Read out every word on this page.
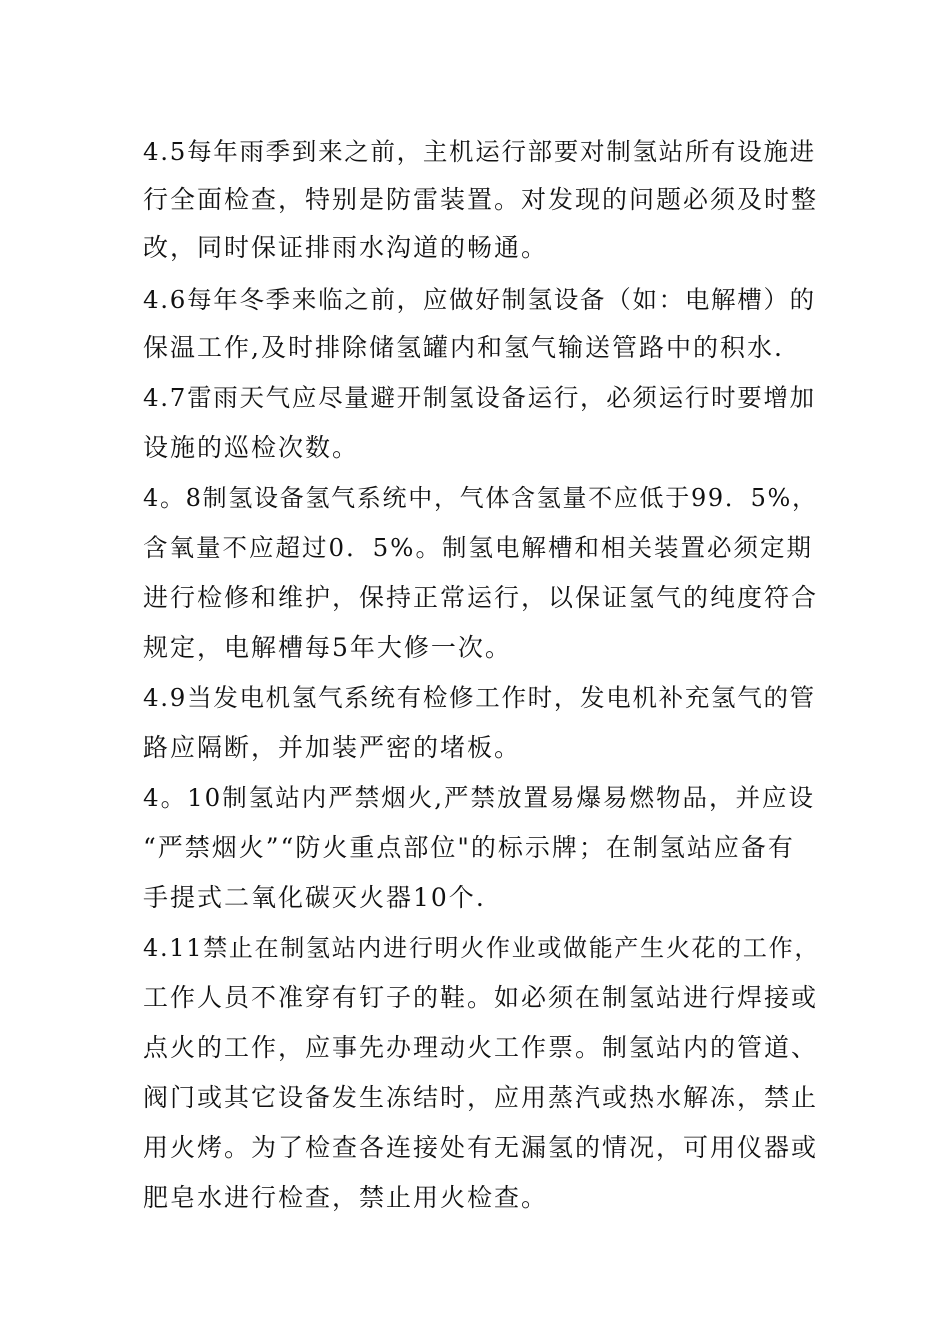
4.5每年雨季到来之前，主机运行部要对制氢站所有设施进

行全面检查，特别是防雷装置。对发现的问题必须及时整

改，同时保证排雨水沟道的畅通。

4.6每年冬季来临之前，应做好制氢设备（如：电解槽）的

保温工作,及时排除储氢罐内和氢气输送管路中的积水.

4.7雷雨天气应尽量避开制氢设备运行，必须运行时要增加

设施的巡检次数。

4。8制氢设备氢气系统中，气体含氢量不应低于99．5%，

含氧量不应超过0．5%。制氢电解槽和相关装置必须定期

进行检修和维护，保持正常运行，以保证氢气的纯度符合

规定，电解槽每5年大修一次。

4.9当发电机氢气系统有检修工作时，发电机补充氢气的管

路应隔断，并加装严密的堵板。

4。10制氢站内严禁烟火,严禁放置易爆易燃物品，并应设

“严禁烟火”“防火重点部位"的标示牌；在制氢站应备有

手提式二氧化碳灭火器10个.

4.11禁止在制氢站内进行明火作业或做能产生火花的工作，

工作人员不准穿有钉子的鞋。如必须在制氢站进行焊接或

点火的工作，应事先办理动火工作票。制氢站内的管道、

阀门或其它设备发生冻结时，应用蒸汽或热水解冻，禁止

用火烤。为了检查各连接处有无漏氢的情况，可用仪器或

肥皂水进行检查，禁止用火检查。
